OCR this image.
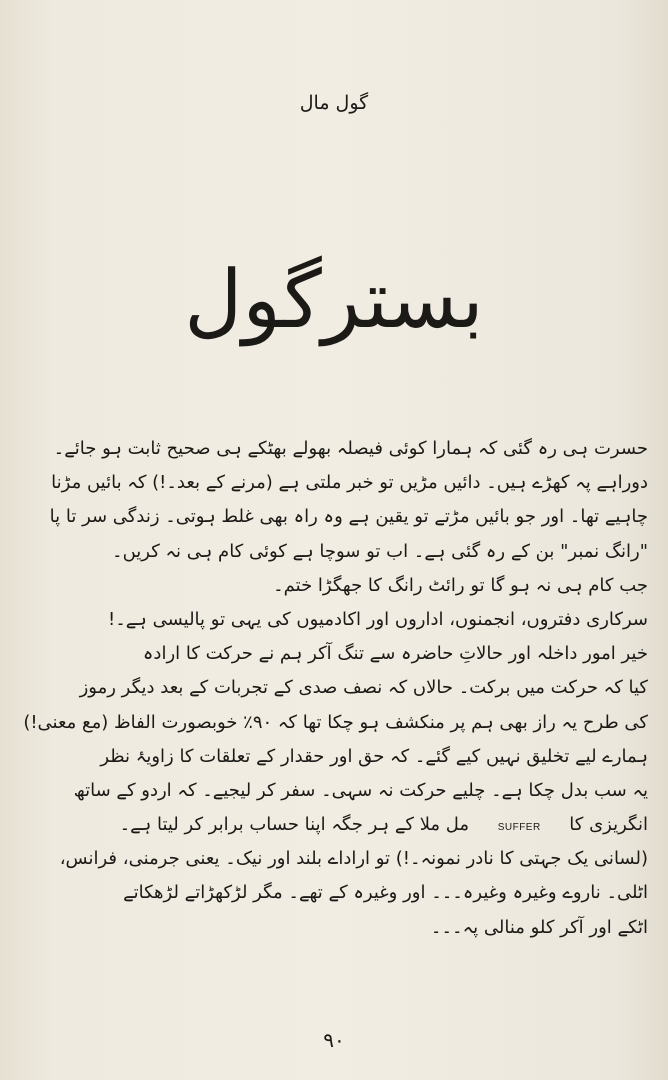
گول مال
بسترگول
حسرت ہی رہ گئی کہ ہمارا کوئی فیصلہ بھولے بھٹکے ہی صحیح ثابت ہو جائے۔
دوراہے پہ کھڑے ہیں۔ دائیں مڑیں تو خبر ملتی ہے (مرنے کے بعد۔!) کہ بائیں مڑنا
چاہیے تھا۔ اور جو بائیں مڑتے تو یقین ہے وہ راہ بھی غلط ہوتی۔ زندگی سر تا پا
"رانگ نمبر" بن کے رہ گئی ہے۔ اب تو سوچا ہے کوئی کام ہی نہ کریں۔
جب کام ہی نہ ہو گا تو رائٹ رانگ کا جھگڑا ختم۔
سرکاری دفتروں، انجمنوں، اداروں اور اکادمیوں کی یہی تو پالیسی ہے۔!
خیر امور داخلہ اور حالاتِ حاضرہ سے تنگ آکر ہم نے حرکت کا ارادہ
کیا کہ حرکت میں برکت۔ حالاں کہ نصف صدی کے تجربات کے بعد دیگر رموز
کی طرح یہ راز بھی ہم پر منکشف ہو چکا تھا کہ ۹۰٪ خوبصورت الفاظ (مع معنی!)
ہمارے لیے تخلیق نہیں کیے گئے۔ کہ حق اور حقدار کے تعلقات کا زاویۂ نظر
یہ سب بدل چکا ہے۔ چلیے حرکت نہ سہی۔ سفر کر لیجیے۔ کہ اردو کے ساتھ
انگریزی کا     SUFFER     مل ملا کے ہر جگہ اپنا حساب برابر کر لیتا ہے۔
(لسانی یک جہتی کا نادر نمونہ۔!) تو اراداے بلند اور نیک۔ یعنی جرمنی، فرانس،
اٹلی۔ ناروے وغیرہ وغیرہ۔۔۔ اور وغیرہ کے تھے۔ مگر لڑکھڑاتے لڑھکاتے
اٹکے اور آکر کلو منالی پہ۔۔۔
۹۰
